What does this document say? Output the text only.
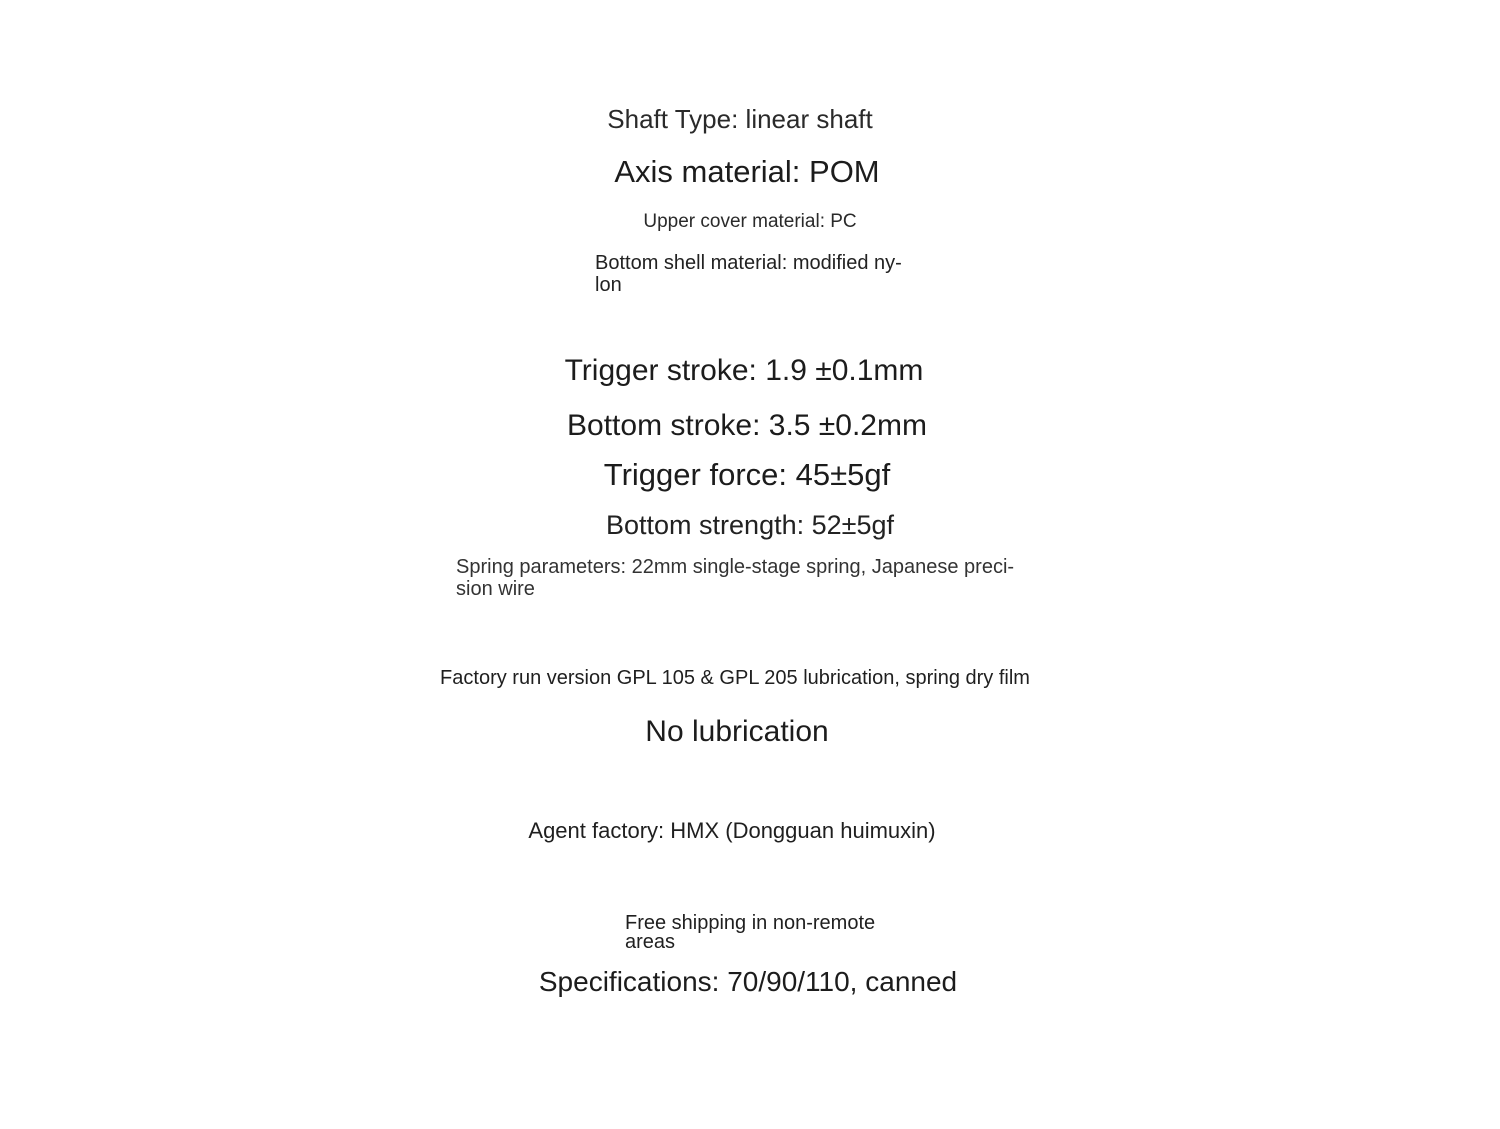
Shaft Type: linear shaft
Axis material: POM
Upper cover material: PC
Bottom shell material: modified ny-lon
Trigger stroke: 1.9 ±0.1mm
Bottom stroke: 3.5 ±0.2mm
Trigger force: 45±5gf
Bottom strength: 52±5gf
Spring parameters: 22mm single-stage spring, Japanese preci-sion wire
Factory run version GPL 105 & GPL 205 lubrication, spring dry film
No lubrication
Agent factory: HMX (Dongguan huimuxin)
Free shipping in non-remote areas
Specifications: 70/90/110, canned
